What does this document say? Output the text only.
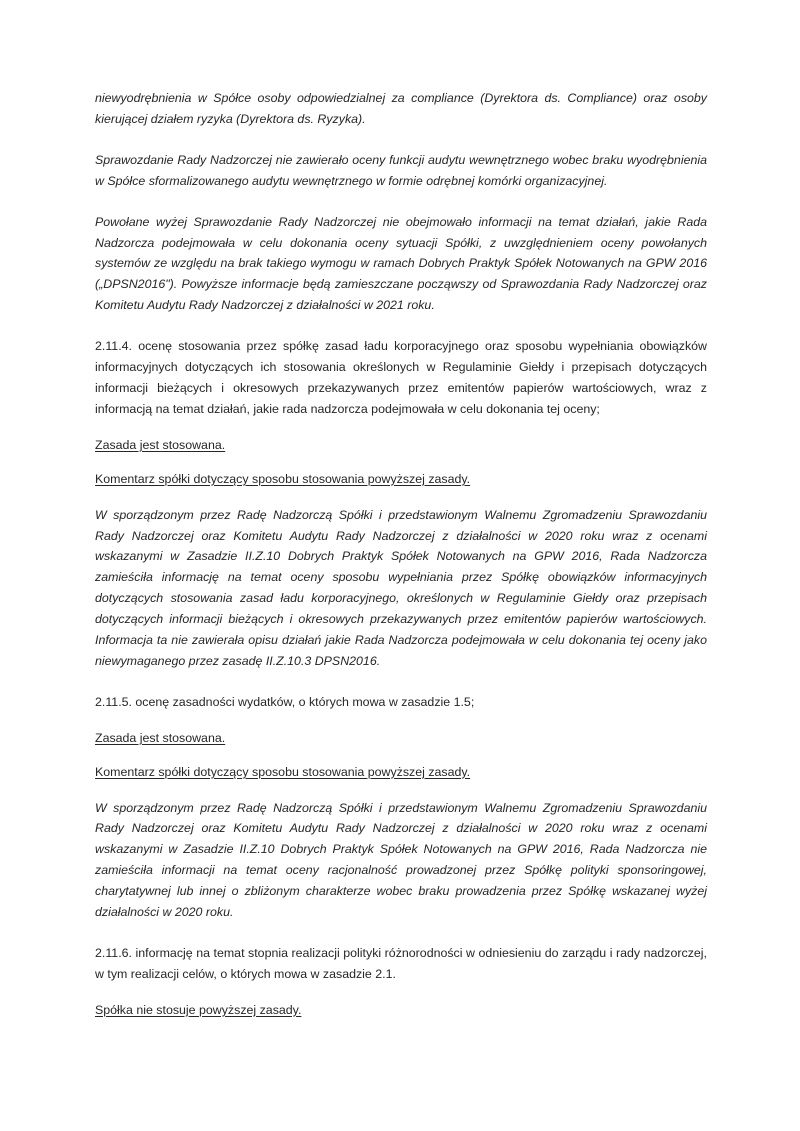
niewyodrębnienia w Spółce osoby odpowiedzialnej za compliance (Dyrektora ds. Compliance) oraz osoby kierującej działem ryzyka (Dyrektora ds. Ryzyka).

Sprawozdanie Rady Nadzorczej nie zawierało oceny funkcji audytu wewnętrznego wobec braku wyodrębnienia w Spółce sformalizowanego audytu wewnętrznego w formie odrębnej komórki organizacyjnej.

Powołane wyżej Sprawozdanie Rady Nadzorczej nie obejmowało informacji na temat działań, jakie Rada Nadzorcza podejmowała w celu dokonania oceny sytuacji Spółki, z uwzględnieniem oceny powołanych systemów ze względu na brak takiego wymogu w ramach Dobrych Praktyk Spółek Notowanych na GPW 2016 („DPSN2016"). Powyższe informacje będą zamieszczane począwszy od Sprawozdania Rady Nadzorczej oraz Komitetu Audytu Rady Nadzorczej z działalności w 2021 roku.

2.11.4. ocenę stosowania przez spółkę zasad ładu korporacyjnego oraz sposobu wypełniania obowiązków informacyjnych dotyczących ich stosowania określonych w Regulaminie Giełdy i przepisach dotyczących informacji bieżących i okresowych przekazywanych przez emitentów papierów wartościowych, wraz z informacją na temat działań, jakie rada nadzorcza podejmowała w celu dokonania tej oceny;

Zasada jest stosowana.

Komentarz spółki dotyczący sposobu stosowania powyższej zasady.

W sporządzonym przez Radę Nadzorczą Spółki i przedstawionym Walnemu Zgromadzeniu Sprawozdaniu Rady Nadzorczej oraz Komitetu Audytu Rady Nadzorczej z działalności w 2020 roku wraz z ocenami wskazanymi w Zasadzie II.Z.10 Dobrych Praktyk Spółek Notowanych na GPW 2016, Rada Nadzorcza zamieściła informację na temat oceny sposobu wypełniania przez Spółkę obowiązków informacyjnych dotyczących stosowania zasad ładu korporacyjnego, określonych w Regulaminie Giełdy oraz przepisach dotyczących informacji bieżących i okresowych przekazywanych przez emitentów papierów wartościowych. Informacja ta nie zawierała opisu działań jakie Rada Nadzorcza podejmowała w celu dokonania tej oceny jako niewymaganego przez zasadę II.Z.10.3 DPSN2016.

2.11.5. ocenę zasadności wydatków, o których mowa w zasadzie 1.5;

Zasada jest stosowana.

Komentarz spółki dotyczący sposobu stosowania powyższej zasady.

W sporządzonym przez Radę Nadzorczą Spółki i przedstawionym Walnemu Zgromadzeniu Sprawozdaniu Rady Nadzorczej oraz Komitetu Audytu Rady Nadzorczej z działalności w 2020 roku wraz z ocenami wskazanymi w Zasadzie II.Z.10 Dobrych Praktyk Spółek Notowanych na GPW 2016, Rada Nadzorcza nie zamieściła informacji na temat oceny racjonalność prowadzonej przez Spółkę polityki sponsoringowej, charytatywnej lub innej o zbliżonym charakterze wobec braku prowadzenia przez Spółkę wskazanej wyżej działalności w 2020 roku.

2.11.6. informację na temat stopnia realizacji polityki różnorodności w odniesieniu do zarządu i rady nadzorczej, w tym realizacji celów, o których mowa w zasadzie 2.1.

Spółka nie stosuje powyższej zasady.
